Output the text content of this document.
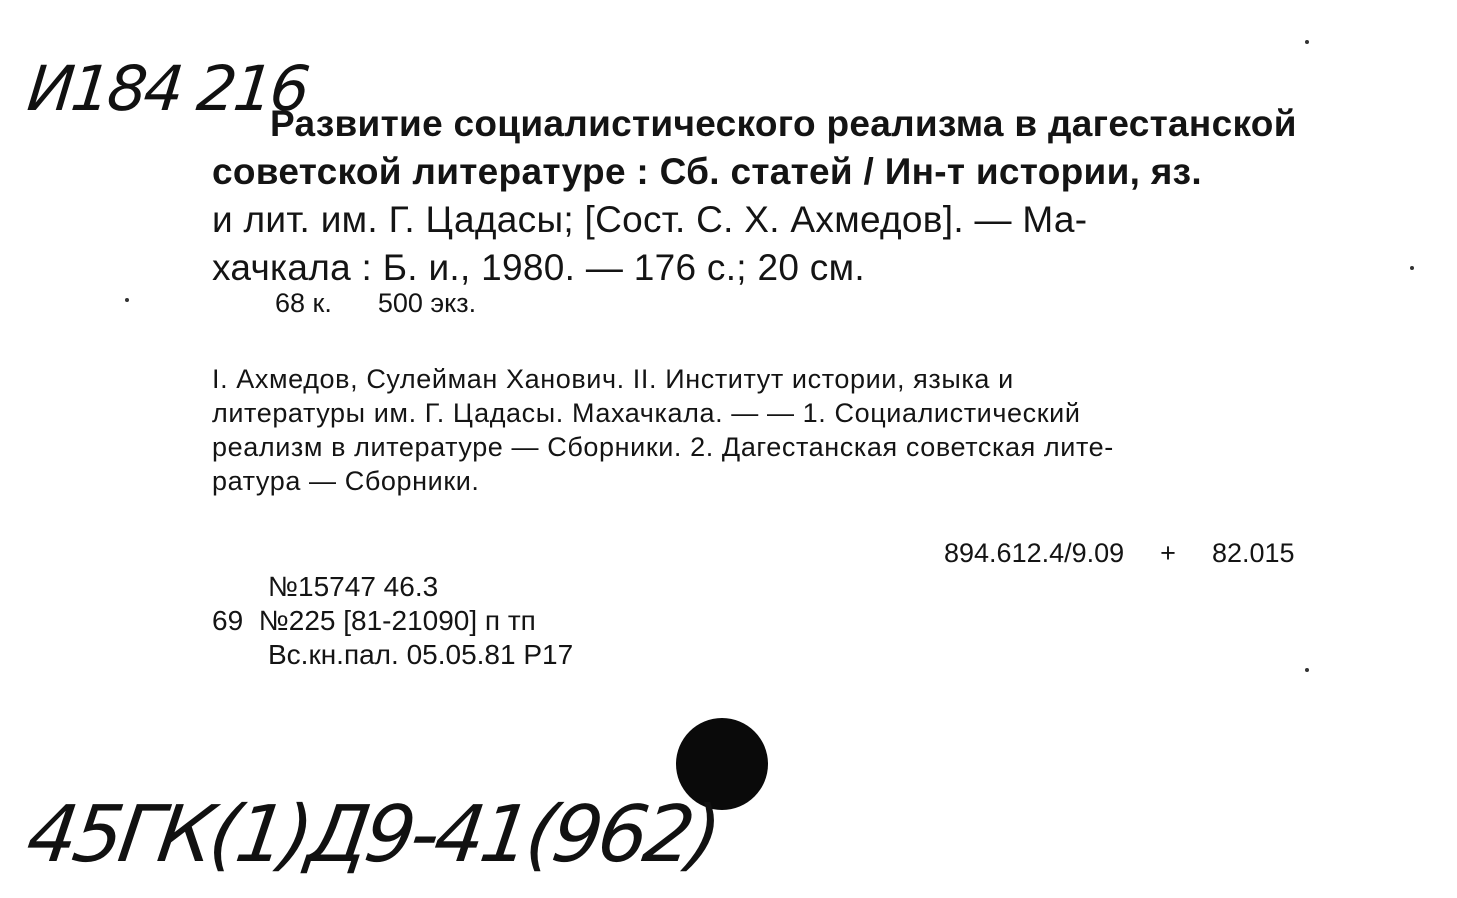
И184 216
Развитие социалистического реализма в дагестанской
советской литературе : Сб. статей / Ин-т истории, яз.
и лит. им. Г. Цадасы; [Сост. С. Х. Ахмедов]. — Ма-
хачкала : Б. и., 1980. — 176 с.; 20 см.
68 к. 500 экз.
I. Ахмедов, Сулейман Ханович. II. Институт истории, языка и
литературы им. Г. Цадасы. Махачкала. — — 1. Социалистический
реализм в литературе — Сборники. 2. Дагестанская советская лите-
ратура — Сборники.
894.612.4/9.09 + 82.015
№15747 46.3
69 №225 [81-21090] п тп
Вс.кн.пал. 05.05.81 Р17
45ГК(1)Д9-41(962)
